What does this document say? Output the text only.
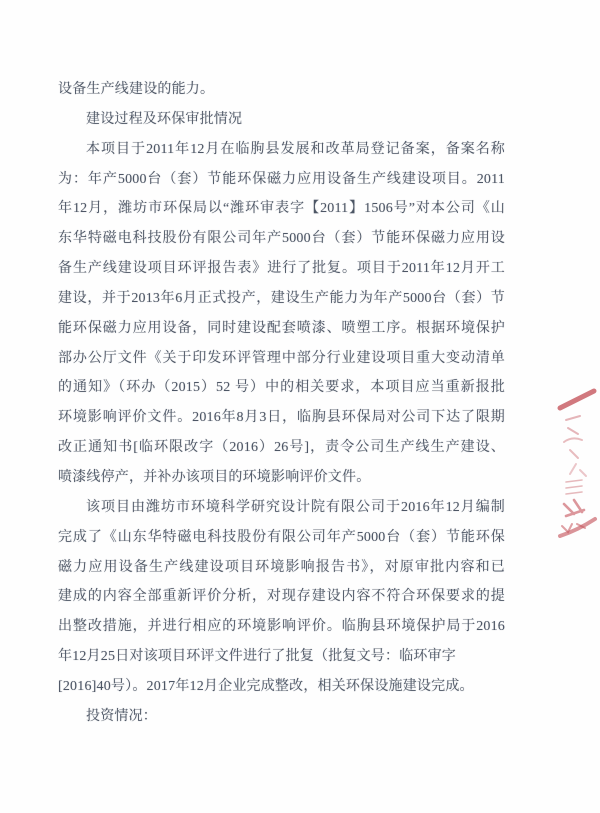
设备生产线建设的能力。
建设过程及环保审批情况
本项目于2011年12月在临朐县发展和改革局登记备案，备案名称
为：年产5000台（套）节能环保磁力应用设备生产线建设项目。2011
年12月，潍坊市环保局以“潍环审表字【2011】1506号”对本公司《山
东华特磁电科技股份有限公司年产5000台（套）节能环保磁力应用设
备生产线建设项目环评报告表》进行了批复。项目于2011年12月开工
建设，并于2013年6月正式投产，建设生产能力为年产5000台（套）节
能环保磁力应用设备，同时建设配套喷漆、喷塑工序。根据环境保护
部办公厅文件《关于印发环评管理中部分行业建设项目重大变动清单
的通知》（环办（2015）52 号）中的相关要求，本项目应当重新报批
环境影响评价文件。2016年8月3日，临朐县环保局对公司下达了限期
改正通知书[临环限改字（2016）26号]，责令公司生产线生产建设、
喷漆线停产，并补办该项目的环境影响评价文件。
该项目由潍坊市环境科学研究设计院有限公司于2016年12月编制
完成了《山东华特磁电科技股份有限公司年产5000台（套）节能环保
磁力应用设备生产线建设项目环境影响报告书》，对原审批内容和已
建成的内容全部重新评价分析，对现存建设内容不符合环保要求的提
出整改措施，并进行相应的环境影响评价。临朐县环境保护局于2016
年12月25日对该项目环评文件进行了批复（批复文号：临环审字
[2016]40号）。2017年12月企业完成整改，相关环保设施建设完成。
投资情况：
